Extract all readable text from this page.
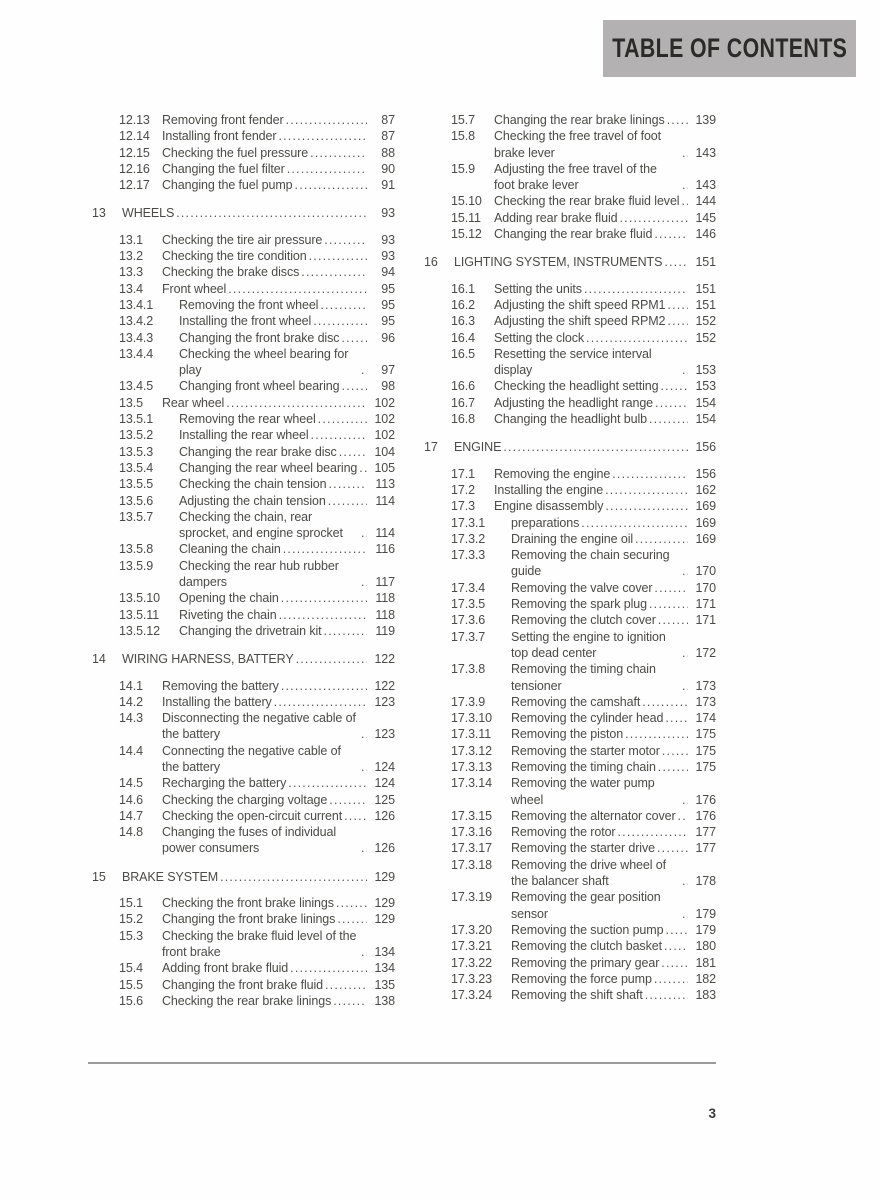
TABLE OF CONTENTS
12.13 Removing front fender .....	87
12.14 Installing front fender .....	87
12.15 Checking the fuel pressure .....	88
12.16 Changing the fuel filter .....	90
12.17 Changing the fuel pump .....	91
13	WHEELS .....	93
13.1	Checking the tire air pressure .....	93
13.2	Checking the tire condition .....	93
13.3	Checking the brake discs .....	94
13.4	Front wheel .....	95
13.4.1	Removing the front wheel .....	95
13.4.2	Installing the front wheel .....	95
13.4.3	Changing the front brake disc .....	96
13.4.4	Checking the wheel bearing for play .....	97
13.4.5	Changing front wheel bearing .....	98
13.5	Rear wheel .....	102
13.5.1	Removing the rear wheel .....	102
13.5.2	Installing the rear wheel .....	102
13.5.3	Changing the rear brake disc .....	104
13.5.4	Changing the rear wheel bearing .....	105
13.5.5	Checking the chain tension .....	113
13.5.6	Adjusting the chain tension .....	114
13.5.7	Checking the chain, rear sprocket, and engine sprocket .....	114
13.5.8	Cleaning the chain .....	116
13.5.9	Checking the rear hub rubber dampers .....	117
13.5.10	Opening the chain .....	118
13.5.11	Riveting the chain .....	118
13.5.12	Changing the drivetrain kit .....	119
14	WIRING HARNESS, BATTERY .....	122
14.1	Removing the battery .....	122
14.2	Installing the battery .....	123
14.3	Disconnecting the negative cable of the battery .....	123
14.4	Connecting the negative cable of the battery .....	124
14.5	Recharging the battery .....	124
14.6	Checking the charging voltage .....	125
14.7	Checking the open-circuit current .....	126
14.8	Changing the fuses of individual power consumers .....	126
15	BRAKE SYSTEM .....	129
15.1	Checking the front brake linings .....	129
15.2	Changing the front brake linings .....	129
15.3	Checking the brake fluid level of the front brake .....	134
15.4	Adding front brake fluid .....	134
15.5	Changing the front brake fluid .....	135
15.6	Checking the rear brake linings .....	138
15.7	Changing the rear brake linings .....	139
15.8	Checking the free travel of foot brake lever .....	143
15.9	Adjusting the free travel of the foot brake lever .....	143
15.10 Checking the rear brake fluid level .....	144
15.11	Adding rear brake fluid .....	145
15.12 Changing the rear brake fluid .....	146
16	LIGHTING SYSTEM, INSTRUMENTS .....	151
16.1	Setting the units .....	151
16.2	Adjusting the shift speed RPM1 .....	151
16.3	Adjusting the shift speed RPM2 .....	152
16.4	Setting the clock .....	152
16.5	Resetting the service interval display .....	153
16.6	Checking the headlight setting .....	153
16.7	Adjusting the headlight range .....	154
16.8	Changing the headlight bulb .....	154
17	ENGINE .....	156
17.1	Removing the engine .....	156
17.2	Installing the engine .....	162
17.3	Engine disassembly .....	169
17.3.1	preparations .....	169
17.3.2	Draining the engine oil .....	169
17.3.3	Removing the chain securing guide .....	170
17.3.4	Removing the valve cover .....	170
17.3.5	Removing the spark plug .....	171
17.3.6	Removing the clutch cover .....	171
17.3.7	Setting the engine to ignition top dead center .....	172
17.3.8	Removing the timing chain tensioner .....	173
17.3.9	Removing the camshaft .....	173
17.3.10	Removing the cylinder head .....	174
17.3.11	Removing the piston .....	175
17.3.12	Removing the starter motor .....	175
17.3.13	Removing the timing chain .....	175
17.3.14	Removing the water pump wheel .....	176
17.3.15	Removing the alternator cover .....	176
17.3.16	Removing the rotor .....	177
17.3.17	Removing the starter drive .....	177
17.3.18	Removing the drive wheel of the balancer shaft .....	178
17.3.19	Removing the gear position sensor .....	179
17.3.20	Removing the suction pump .....	179
17.3.21	Removing the clutch basket .....	180
17.3.22	Removing the primary gear .....	181
17.3.23	Removing the force pump .....	182
17.3.24	Removing the shift shaft .....	183
3
